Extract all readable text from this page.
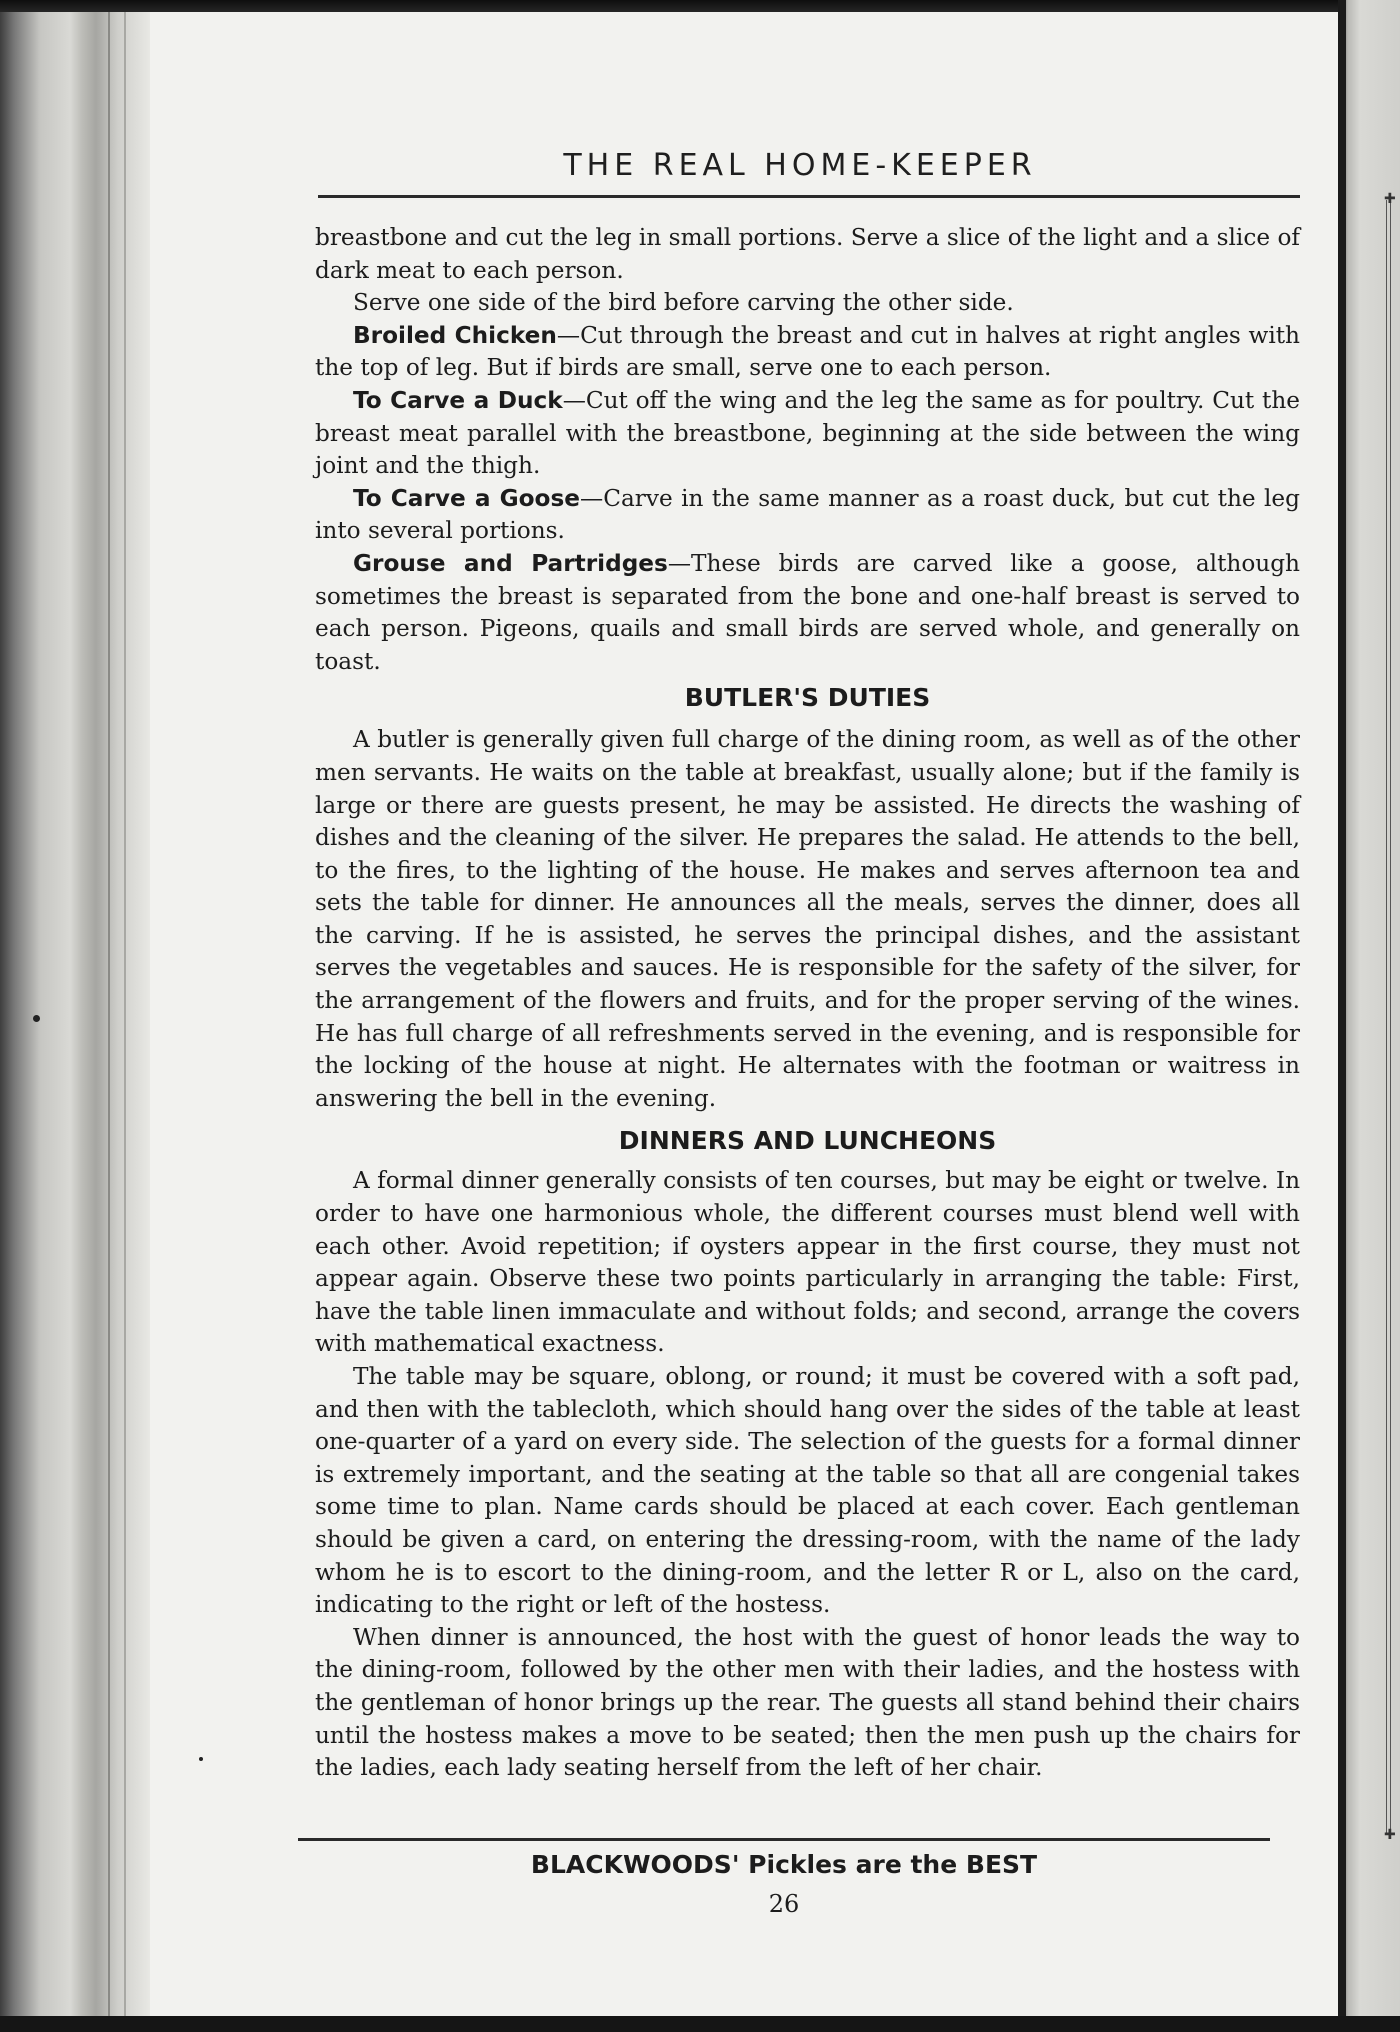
✚
✚
THE REAL HOME-KEEPER

breastbone and cut the leg in small portions. Serve a slice of the light and a slice of dark meat to each person.

Serve one side of the bird before carving the other side.

Broiled Chicken—Cut through the breast and cut in halves at right angles with the top of leg. But if birds are small, serve one to each person.

To Carve a Duck—Cut off the wing and the leg the same as for poultry. Cut the breast meat parallel with the breastbone, beginning at the side between the wing joint and the thigh.

To Carve a Goose—Carve in the same manner as a roast duck, but cut the leg into several portions.

Grouse and Partridges—These birds are carved like a goose, although sometimes the breast is separated from the bone and one-half breast is served to each person. Pigeons, quails and small birds are served whole, and generally on toast.

BUTLER'S DUTIES

A butler is generally given full charge of the dining room, as well as of the other men servants. He waits on the table at breakfast, usually alone; but if the family is large or there are guests present, he may be assisted. He directs the washing of dishes and the cleaning of the silver. He prepares the salad. He attends to the bell, to the fires, to the lighting of the house. He makes and serves afternoon tea and sets the table for dinner. He announces all the meals, serves the dinner, does all the carving. If he is assisted, he serves the principal dishes, and the assistant serves the vegetables and sauces. He is responsible for the safety of the silver, for the arrangement of the flowers and fruits, and for the proper serving of the wines. He has full charge of all refreshments served in the evening, and is responsible for the locking of the house at night. He alternates with the footman or waitress in answering the bell in the evening.

DINNERS AND LUNCHEONS

A formal dinner generally consists of ten courses, but may be eight or twelve. In order to have one harmonious whole, the different courses must blend well with each other. Avoid repetition; if oysters appear in the first course, they must not appear again. Observe these two points particularly in arranging the table: First, have the table linen immaculate and without folds; and second, arrange the covers with mathematical exactness.

The table may be square, oblong, or round; it must be covered with a soft pad, and then with the tablecloth, which should hang over the sides of the table at least one-quarter of a yard on every side. The selection of the guests for a formal dinner is extremely important, and the seating at the table so that all are congenial takes some time to plan. Name cards should be placed at each cover. Each gentleman should be given a card, on entering the dressing-room, with the name of the lady whom he is to escort to the dining-room, and the letter R or L, also on the card, indicating to the right or left of the hostess.

When dinner is announced, the host with the guest of honor leads the way to the dining-room, followed by the other men with their ladies, and the hostess with the gentleman of honor brings up the rear. The guests all stand behind their chairs until the hostess makes a move to be seated; then the men push up the chairs for the ladies, each lady seating herself from the left of her chair.

BLACKWOODS' Pickles are the BEST
26
